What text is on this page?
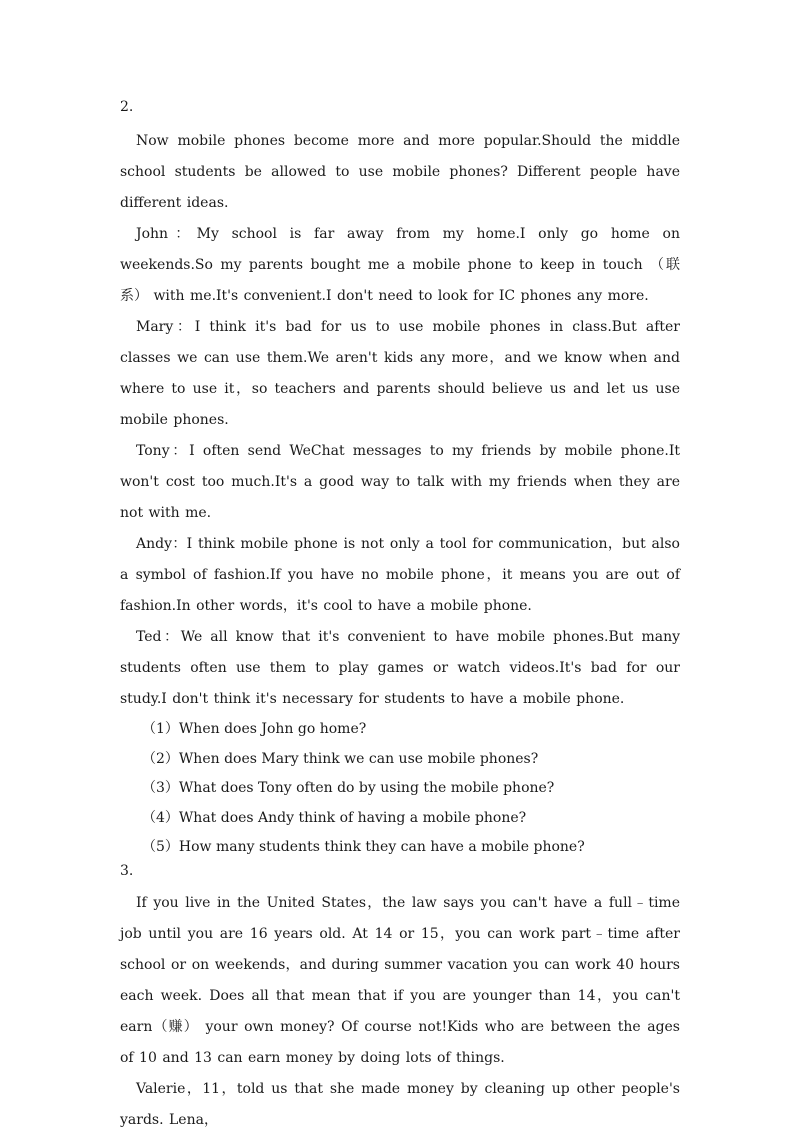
2.

Now mobile phones become more and more popular.Should the middle school students be allowed to use mobile phones? Different people have different ideas.

John：My school is far away from my home.I only go home on weekends.So my parents bought me a mobile phone to keep in touch （联系） with me.It's convenient.I don't need to look for IC phones any more.

Mary：I think it's bad for us to use mobile phones in class.But after classes we can use them.We aren't kids any more，and we know when and where to use it，so teachers and parents should believe us and let us use mobile phones.

Tony：I often send WeChat messages to my friends by mobile phone.It won't cost too much.It's a good way to talk with my friends when they are not with me.

Andy：I think mobile phone is not only a tool for communication，but also a symbol of fashion.If you have no mobile phone，it means you are out of fashion.In other words，it's cool to have a mobile phone.

Ted：We all know that it's convenient to have mobile phones.But many students often use them to play games or watch videos.It's bad for our study.I don't think it's necessary for students to have a mobile phone.

（1）When does John go home?
（2）When does Mary think we can use mobile phones?
（3）What does Tony often do by using the mobile phone?
（4）What does Andy think of having a mobile phone?
（5）How many students think they can have a mobile phone?

3.

If you live in the United States，the law says you can't have a full﹣time job until you are 16 years old. At 14 or 15，you can work part﹣time after school or on weekends，and during summer vacation you can work 40 hours each week. Does all that mean that if you are younger than 14，you can't earn（赚） your own money? Of course not!Kids who are between the ages of 10 and 13 can earn money by doing lots of things.

Valerie，11，told us that she made money by cleaning up other people's yards. Lena，
